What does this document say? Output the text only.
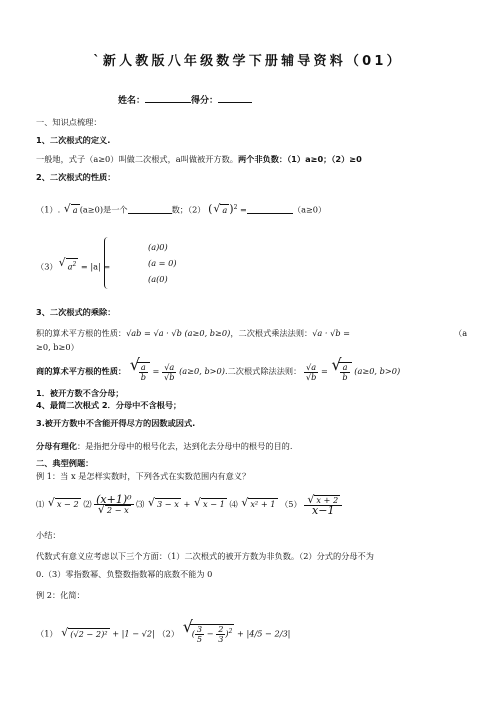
`新人教版八年级数学下册辅导资料（01）
姓名：	得分：
一、知识点梳理：
1、二次根式的定义.
一般地，式子（a≥0）叫做二次根式，a叫做被开方数。两个非负数：（1）a≥0；（2）≥0
2、二次根式的性质：
（1）. √ a (a≥0)是一个	数；（2） ( √ a )$^2$ =	（a≥0）
（3） √ $a^2 = |a|$ =
(a)0)
(a = 0)
(a(0)
3、二次根式的乘除：
积的算术平方根的性质：√ab = √a · √b (a≥0, b≥0)，二次根式乘法法则：√a · √b =	（a
≥0, b≥0）
商的算术平方根的性质： √
$\frac{a}{b} = \frac{√a}{√b} (a\ge 0$, b>0).二次根式除法法则： $\frac{√a}{√b}$ = √
$\frac{a}{b} (a\ge 0$, b>0)
1．被开方数不含分母；
4、最简二次根式 2．分母中不含根号；
3.被开方数中不含能开得尽方的因数或因式.
分母有理化：是指把分母中的根号化去，达到化去分母中的根号的目的.
二、典型例题：
例 1：当 x 是怎样实数时，下列各式在实数范围内有意义？
⑴ √ x − 2 ⑵ $\frac{\text{(x+1)⁰}}{√ 2 - x}$ ⑶ √ 3 − x + √ x − 1 ⑷ √ x² + 1 $(5) \frac{√ x + 2}{x-1}$
小结：
代数式有意义应考虑以下三个方面：（1）二次根式的被开方数为非负数。（2）分式的分母不为
0.（3）零指数幂、负整数指数幂的底数不能为 0
例 2：化简：
（1） √ (√2 − 2)² + |1 − √2| （2） √
( $\frac{3}{5} - \frac{2}{3} )^2 + |4/5 - 2/3|$
